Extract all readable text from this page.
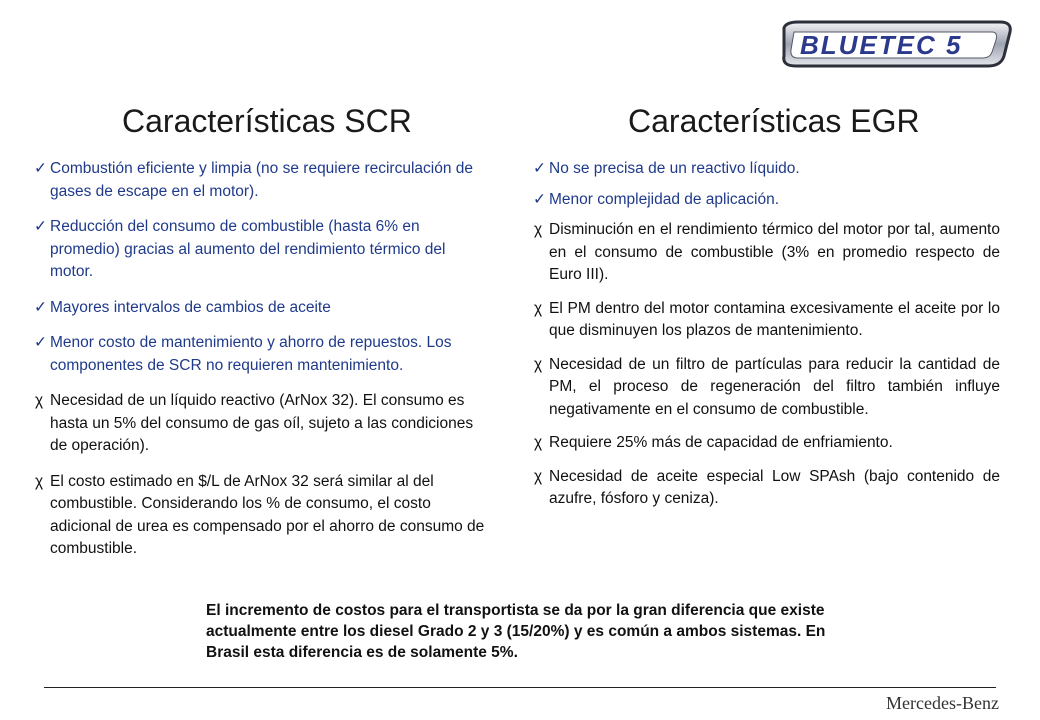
BLUETEC 5
Características SCR	Características EGR
✓ Combustión eficiente y limpia (no se requiere recirculación de gases de escape en el motor).
✓ Reducción del consumo de combustible (hasta 6% en promedio) gracias al aumento del rendimiento térmico del motor.
✓ Mayores intervalos de cambios de aceite
✓ Menor costo de mantenimiento y ahorro de repuestos. Los componentes de SCR no requieren mantenimiento.
χ Necesidad de un líquido reactivo (ArNox 32). El consumo es hasta un 5% del consumo de gas oíl, sujeto a las condiciones de operación).
χ El costo estimado en $/L de ArNox 32 será similar al del combustible. Considerando los % de consumo, el costo adicional de urea es compensado por el ahorro de consumo de combustible.
✓ No se precisa de un reactivo líquido.
✓ Menor complejidad de aplicación.
χ Disminución en el rendimiento térmico del motor por tal, aumento en el consumo de combustible (3% en promedio respecto de Euro III).
χ El PM dentro del motor contamina excesivamente el aceite por lo que disminuyen los plazos de mantenimiento.
χ Necesidad de un filtro de partículas para reducir la cantidad de PM, el proceso de regeneración del filtro también influye negativamente en el consumo de combustible.
χ Requiere 25% más de capacidad de enfriamiento.
χ Necesidad de aceite especial Low SPAsh (bajo contenido de azufre, fósforo y ceniza).

El incremento de costos para el transportista se da por la gran diferencia que existe actualmente entre los diesel Grado 2 y 3 (15/20%) y es común a ambos sistemas. En Brasil esta diferencia es de solamente 5%.

Mercedes-Benz
